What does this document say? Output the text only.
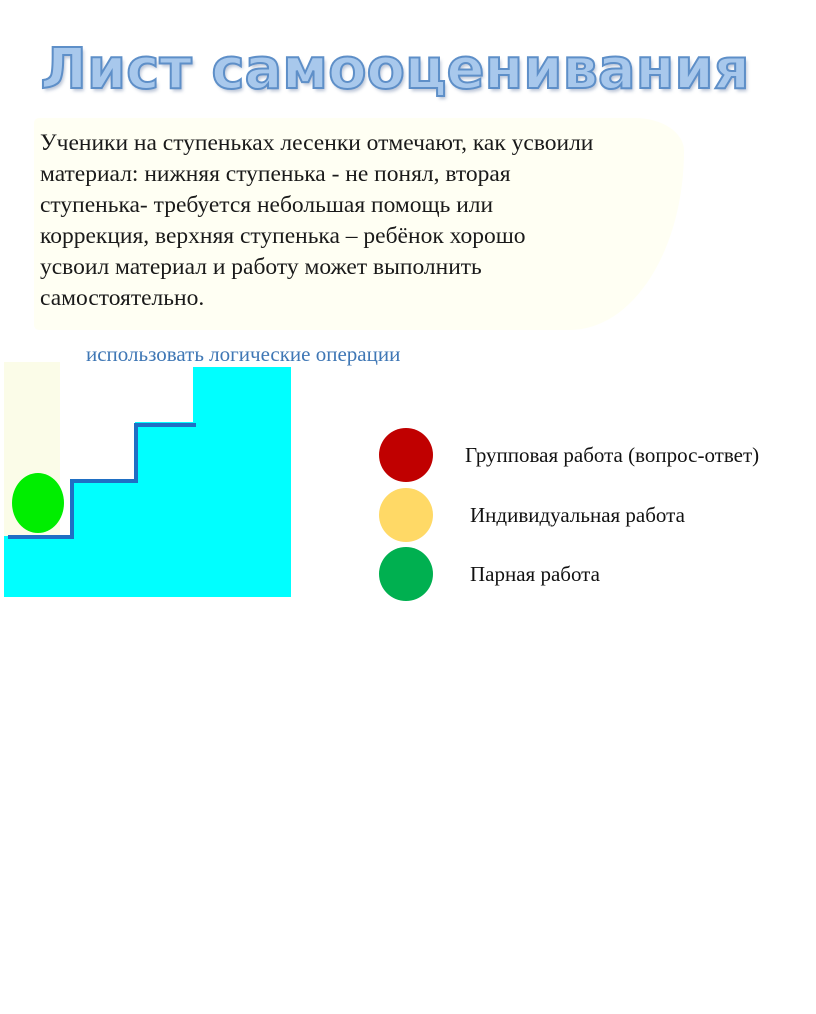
Лист самооценивания

Ученики на ступеньках лесенки отмечают, как усвоили
материал: нижняя ступенька - не понял, вторая
ступенька- требуется небольшая помощь или
коррекция, верхняя ступенька – ребёнок хорошо
усвоил материал и работу может выполнить
самостоятельно.

использовать логические операции
Групповая работа (вопрос-ответ)
Индивидуальная работа
Парная работа
